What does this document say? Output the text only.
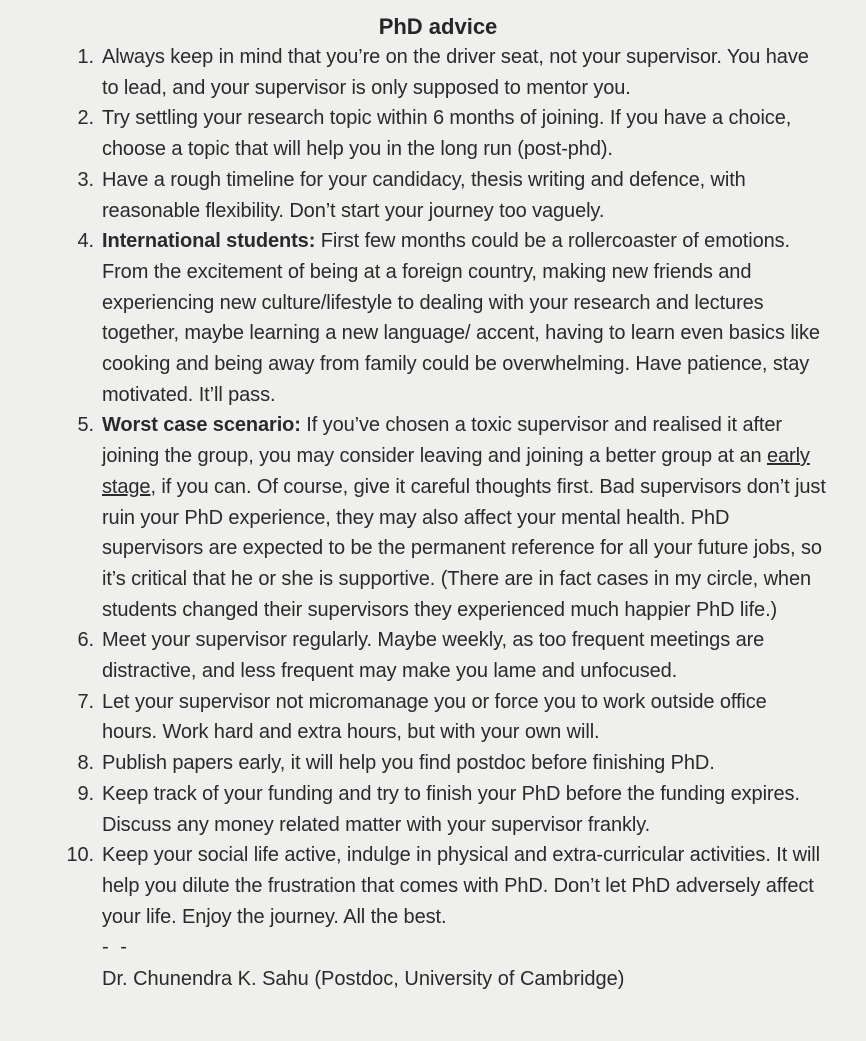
PhD advice
1. Always keep in mind that you’re on the driver seat, not your supervisor. You have to lead, and your supervisor is only supposed to mentor you.
2. Try settling your research topic within 6 months of joining. If you have a choice, choose a topic that will help you in the long run (post-phd).
3. Have a rough timeline for your candidacy, thesis writing and defence, with reasonable flexibility. Don’t start your journey too vaguely.
4. International students: First few months could be a rollercoaster of emotions. From the excitement of being at a foreign country, making new friends and experiencing new culture/lifestyle to dealing with your research and lectures together, maybe learning a new language/ accent, having to learn even basics like cooking and being away from family could be overwhelming. Have patience, stay motivated. It’ll pass.
5. Worst case scenario: If you’ve chosen a toxic supervisor and realised it after joining the group, you may consider leaving and joining a better group at an early stage, if you can. Of course, give it careful thoughts first. Bad supervisors don’t just ruin your PhD experience, they may also affect your mental health. PhD supervisors are expected to be the permanent reference for all your future jobs, so it’s critical that he or she is supportive. (There are in fact cases in my circle, when students changed their supervisors they experienced much happier PhD life.)
6. Meet your supervisor regularly. Maybe weekly, as too frequent meetings are distractive, and less frequent may make you lame and unfocused.
7. Let your supervisor not micromanage you or force you to work outside office hours. Work hard and extra hours, but with your own will.
8. Publish papers early, it will help you find postdoc before finishing PhD.
9. Keep track of your funding and try to finish your PhD before the funding expires. Discuss any money related matter with your supervisor frankly.
10. Keep your social life active, indulge in physical and extra-curricular activities. It will help you dilute the frustration that comes with PhD. Don’t let PhD adversely affect your life. Enjoy the journey. All the best.
- -
Dr. Chunendra K. Sahu (Postdoc, University of Cambridge)
